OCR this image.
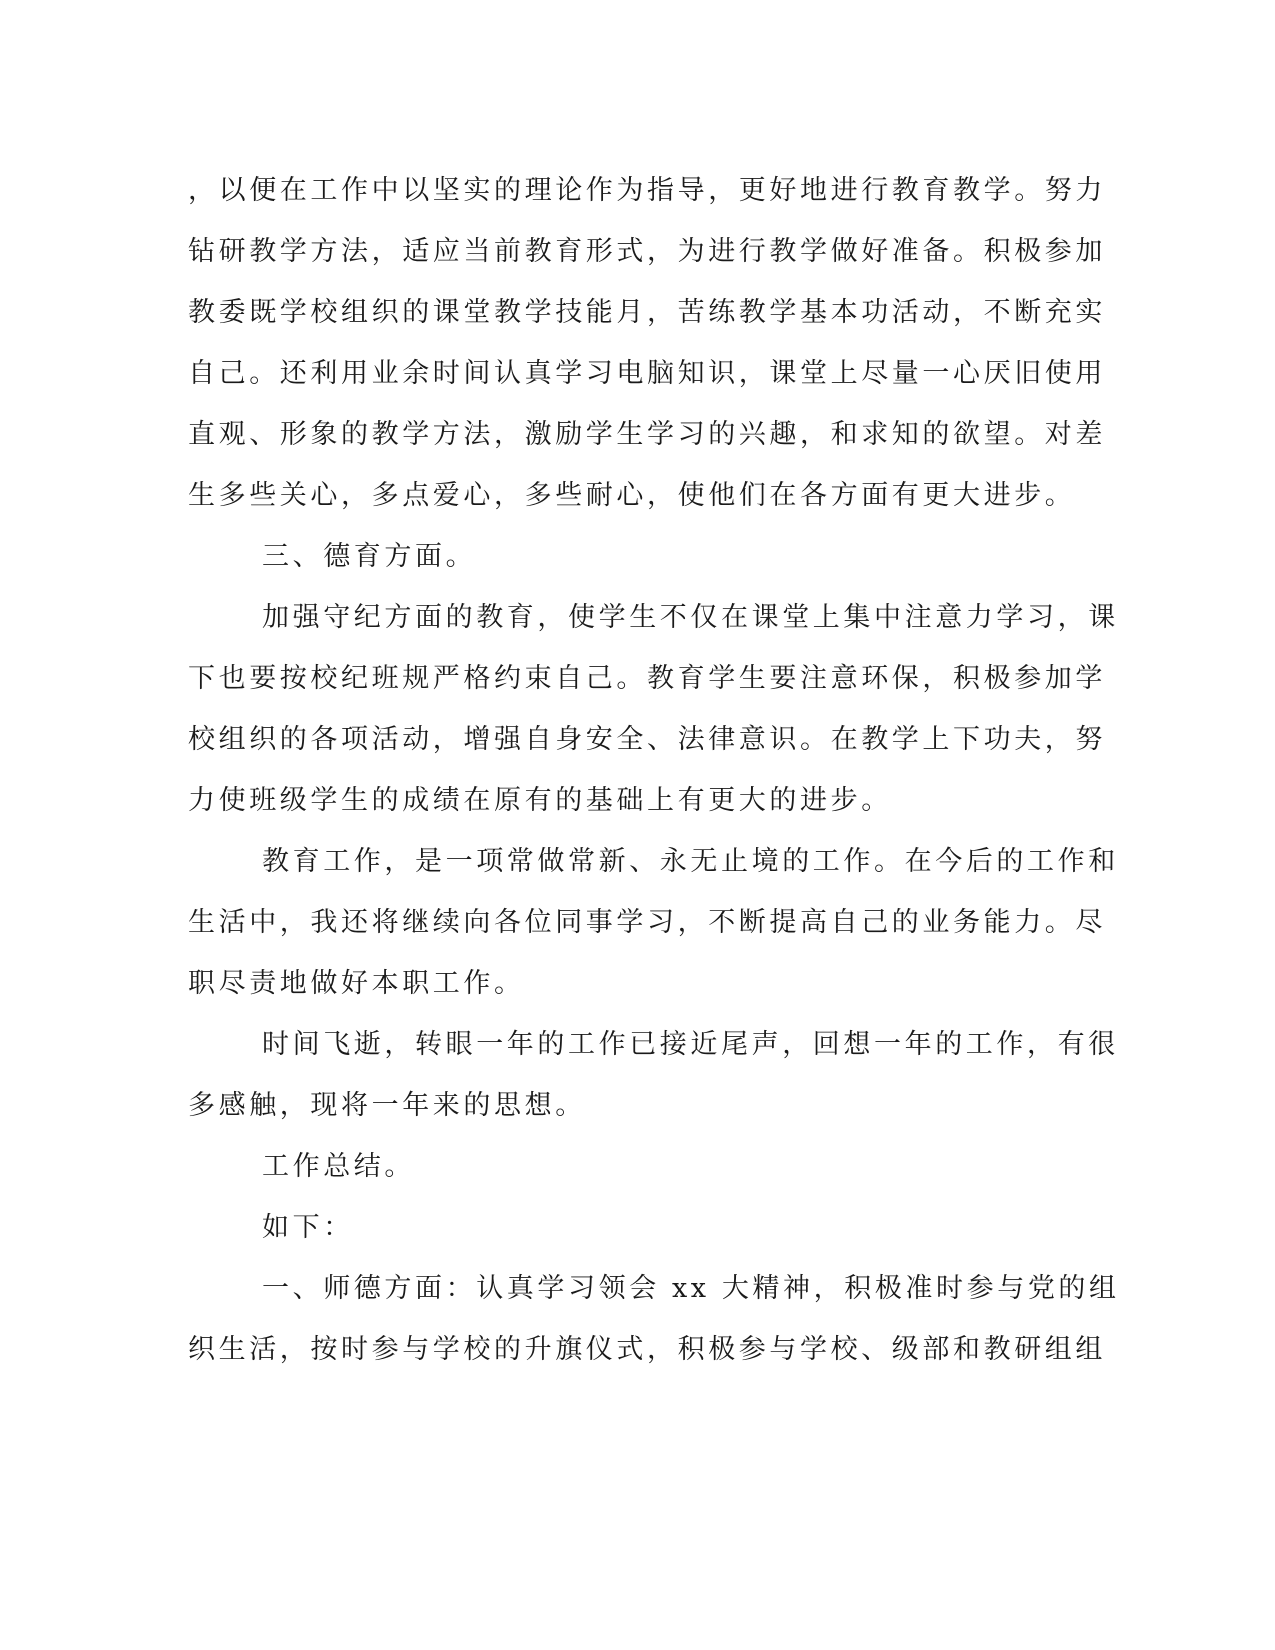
，以便在工作中以坚实的理论作为指导，更好地进行教育教学。努力
钻研教学方法，适应当前教育形式，为进行教学做好准备。积极参加
教委既学校组织的课堂教学技能月，苦练教学基本功活动，不断充实
自己。还利用业余时间认真学习电脑知识，课堂上尽量一心厌旧使用
直观、形象的教学方法，激励学生学习的兴趣，和求知的欲望。对差
生多些关心，多点爱心，多些耐心，使他们在各方面有更大进步。
三、德育方面。
加强守纪方面的教育，使学生不仅在课堂上集中注意力学习，课
下也要按校纪班规严格约束自己。教育学生要注意环保，积极参加学
校组织的各项活动，增强自身安全、法律意识。在教学上下功夫，努
力使班级学生的成绩在原有的基础上有更大的进步。
教育工作，是一项常做常新、永无止境的工作。在今后的工作和
生活中，我还将继续向各位同事学习，不断提高自己的业务能力。尽
职尽责地做好本职工作。
时间飞逝，转眼一年的工作已接近尾声，回想一年的工作，有很
多感触，现将一年来的思想。
工作总结。
如下：
一、师德方面：认真学习领会 xx 大精神，积极准时参与党的组
织生活，按时参与学校的升旗仪式，积极参与学校、级部和教研组组
